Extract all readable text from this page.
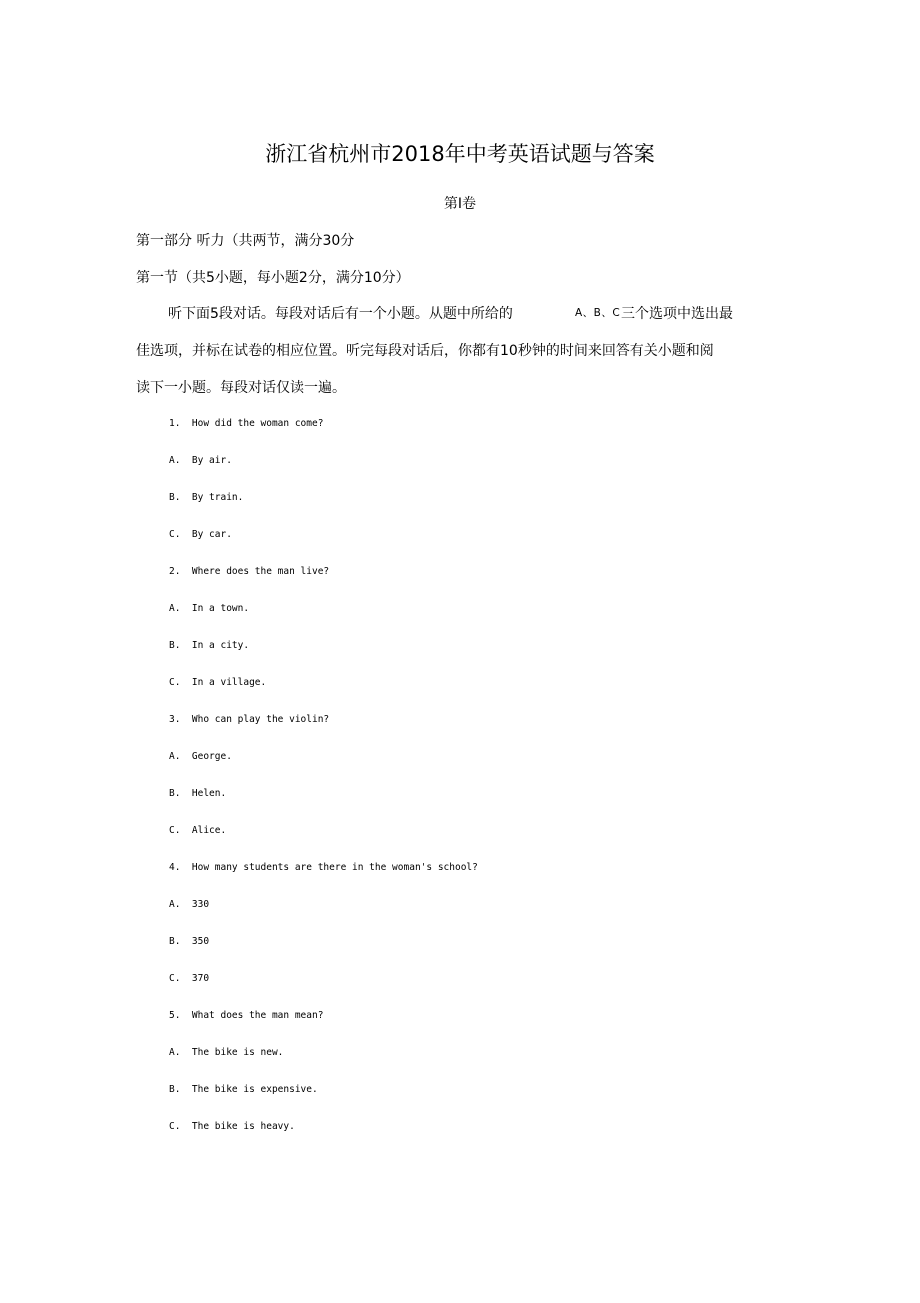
浙江省杭州市2018年中考英语试题与答案
第Ⅰ卷
第一部分 听力（共两节，满分30分
第一节（共5小题，每小题2分，满分10分）
听下面5段对话。每段对话后有一个小题。从题中所给的	A、B、C 三个选项中选出最
佳选项，并标在试卷的相应位置。听完每段对话后，你都有10秒钟的时间来回答有关小题和阅
读下一小题。每段对话仅读一遍。
1.  How did the woman come?
A.  By air.
B.  By train.
C.  By car.
2.  Where does the man live?
A.  In a town.
B.  In a city.
C.  In a village.
3.  Who can play the violin?
A.  George.
B.  Helen.
C.  Alice.
4.  How many students are there in the woman's school?
A.  330
B.  350
C.  370
5.  What does the man mean?
A.  The bike is new.
B.  The bike is expensive.
C.  The bike is heavy.
